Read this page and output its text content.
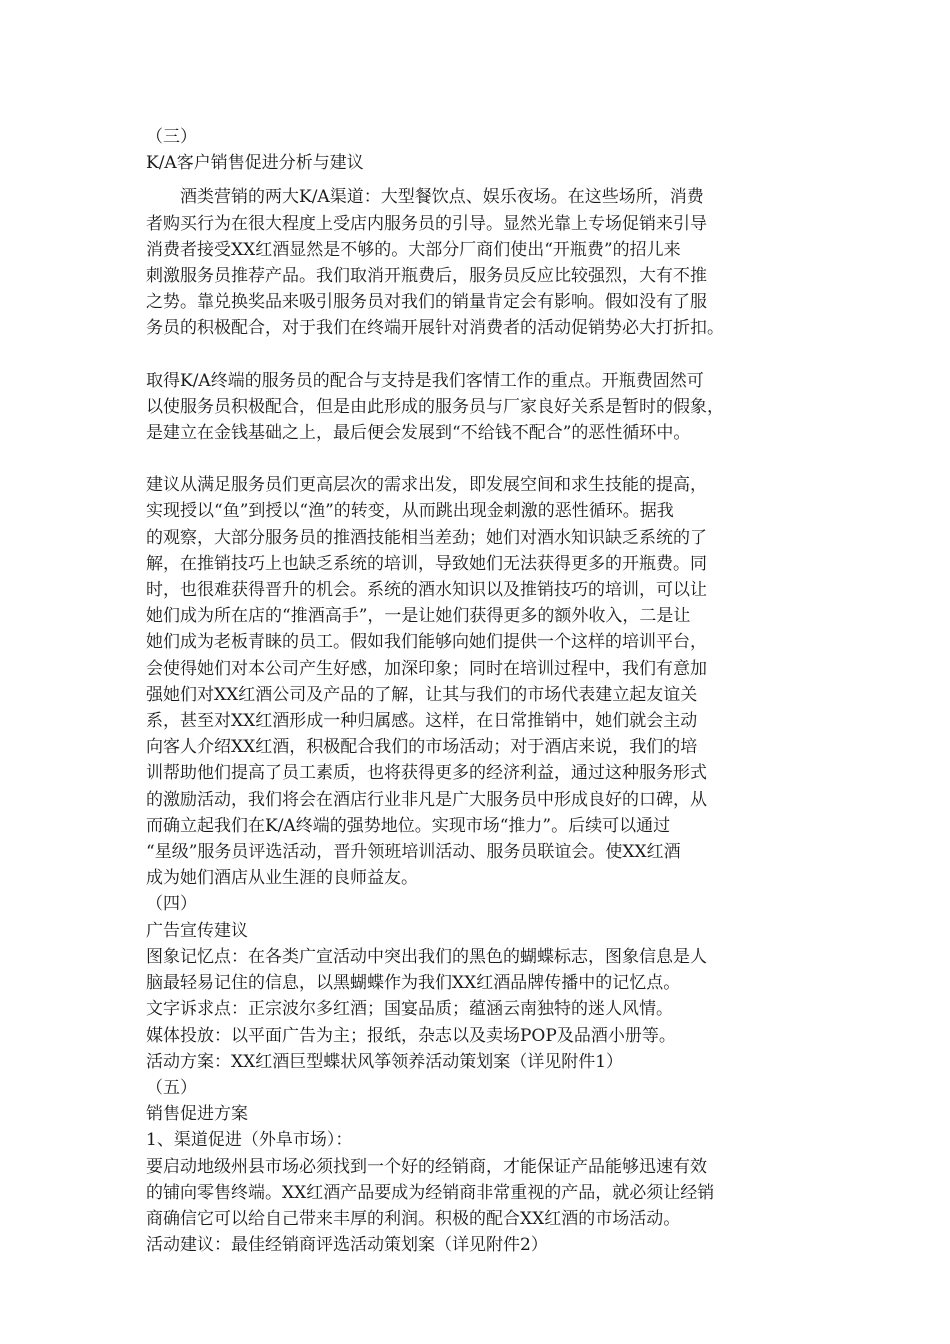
（三）
K/A客户销售促进分析与建议
酒类营销的两大K/A渠道：大型餐饮点、娱乐夜场。在这些场所，消费
者购买行为在很大程度上受店内服务员的引导。显然光靠上专场促销来引导
消费者接受XX红酒显然是不够的。大部分厂商们使出“开瓶费”的招儿来
刺激服务员推荐产品。我们取消开瓶费后，服务员反应比较强烈，大有不推
之势。靠兑换奖品来吸引服务员对我们的销量肯定会有影响。假如没有了服
务员的积极配合，对于我们在终端开展针对消费者的活动促销势必大打折扣。
取得K/A终端的服务员的配合与支持是我们客情工作的重点。开瓶费固然可
以使服务员积极配合，但是由此形成的服务员与厂家良好关系是暂时的假象，
是建立在金钱基础之上，最后便会发展到“不给钱不配合”的恶性循环中。
建议从满足服务员们更高层次的需求出发，即发展空间和求生技能的提高，
实现授以“鱼”到授以“渔”的转变，从而跳出现金刺激的恶性循环。据我
的观察，大部分服务员的推酒技能相当差劲；她们对酒水知识缺乏系统的了
解，在推销技巧上也缺乏系统的培训，导致她们无法获得更多的开瓶费。同
时，也很难获得晋升的机会。系统的酒水知识以及推销技巧的培训，可以让
她们成为所在店的“推酒高手”，一是让她们获得更多的额外收入，二是让
她们成为老板青睐的员工。假如我们能够向她们提供一个这样的培训平台，
会使得她们对本公司产生好感，加深印象；同时在培训过程中，我们有意加
强她们对XX红酒公司及产品的了解，让其与我们的市场代表建立起友谊关
系，甚至对XX红酒形成一种归属感。这样，在日常推销中，她们就会主动
向客人介绍XX红酒，积极配合我们的市场活动；对于酒店来说，我们的培
训帮助他们提高了员工素质，也将获得更多的经济利益，通过这种服务形式
的激励活动，我们将会在酒店行业非凡是广大服务员中形成良好的口碑，从
而确立起我们在K/A终端的强势地位。实现市场“推力”。后续可以通过
“星级”服务员评选活动，晋升领班培训活动、服务员联谊会。使XX红酒
成为她们酒店从业生涯的良师益友。
（四）
广告宣传建议
图象记忆点：在各类广宣活动中突出我们的黑色的蝴蝶标志，图象信息是人
脑最轻易记住的信息，以黑蝴蝶作为我们XX红酒品牌传播中的记忆点。
文字诉求点：正宗波尔多红酒；国宴品质；蕴涵云南独特的迷人风情。
媒体投放：以平面广告为主；报纸，杂志以及卖场POP及品酒小册等。
活动方案：XX红酒巨型蝶状风筝领养活动策划案（详见附件1）
（五）
销售促进方案
1、渠道促进（外阜市场）：
要启动地级州县市场必须找到一个好的经销商，才能保证产品能够迅速有效
的铺向零售终端。XX红酒产品要成为经销商非常重视的产品，就必须让经销
商确信它可以给自己带来丰厚的利润。积极的配合XX红酒的市场活动。
活动建议：最佳经销商评选活动策划案（详见附件2）
